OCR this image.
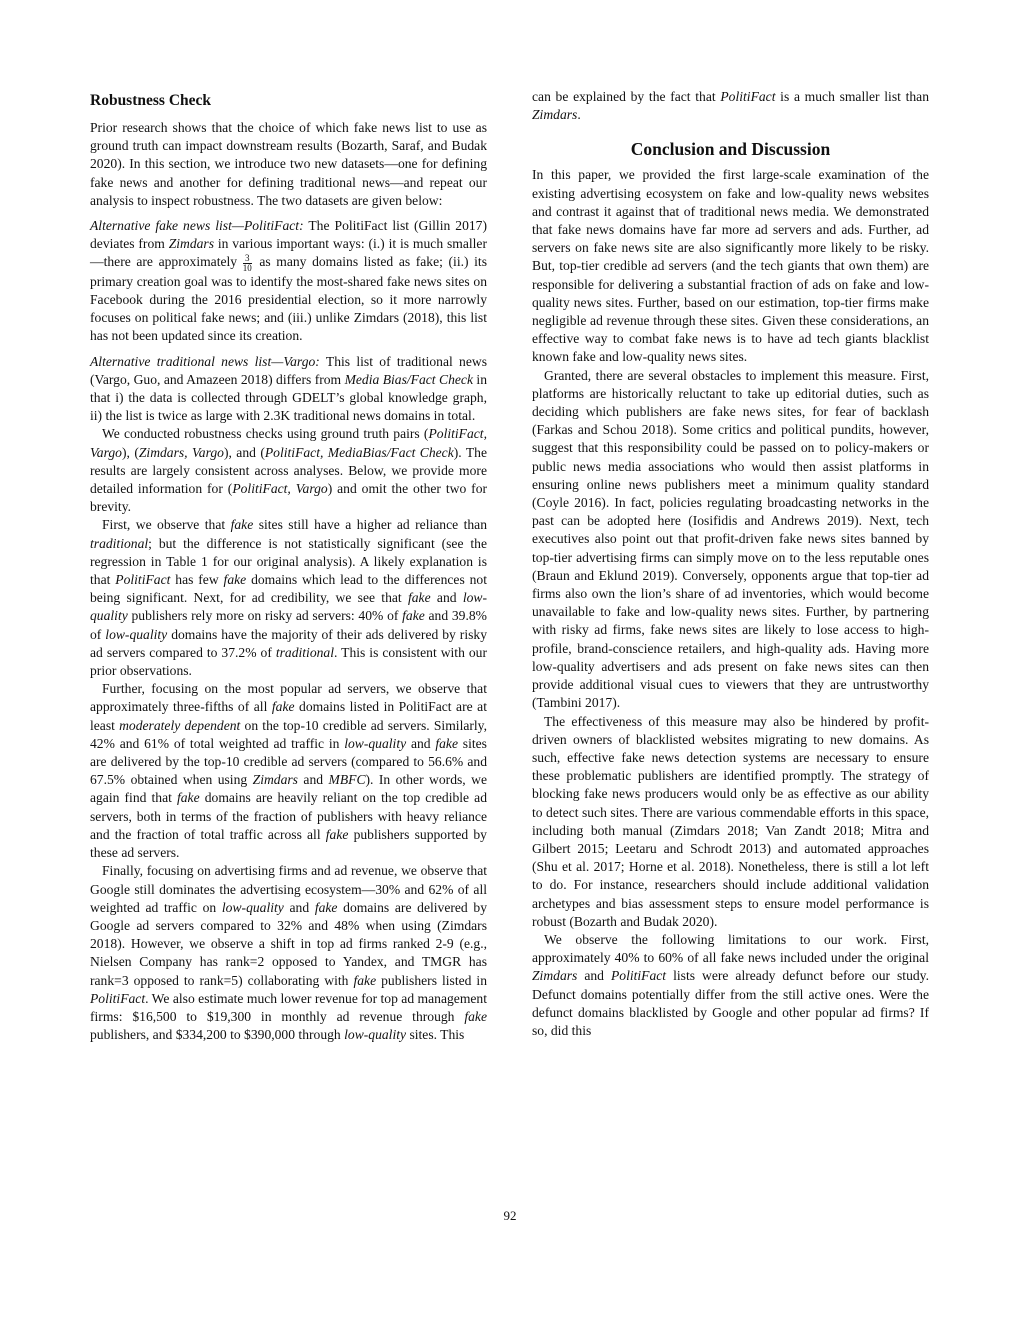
Robustness Check

Prior research shows that the choice of which fake news list to use as ground truth can impact downstream results (Bozarth, Saraf, and Budak 2020). In this section, we introduce two new datasets—one for defining fake news and another for defining traditional news—and repeat our analysis to inspect robustness. The two datasets are given below:

Alternative fake news list—PolitiFact: The PolitiFact list (Gillin 2017) deviates from Zimdars in various important ways: (i.) it is much smaller—there are approximately $\frac{3}{10}$ as many domains listed as fake; (ii.) its primary creation goal was to identify the most-shared fake news sites on Facebook during the 2016 presidential election, so it more narrowly focuses on political fake news; and (iii.) unlike Zimdars (2018), this list has not been updated since its creation.

Alternative traditional news list—Vargo: This list of traditional news (Vargo, Guo, and Amazeen 2018) differs from Media Bias/Fact Check in that i) the data is collected through GDELT’s global knowledge graph, ii) the list is twice as large with 2.3K traditional news domains in total.

We conducted robustness checks using ground truth pairs (PolitiFact, Vargo), (Zimdars, Vargo), and (PolitiFact, MediaBias/Fact Check). The results are largely consistent across analyses. Below, we provide more detailed information for (PolitiFact, Vargo) and omit the other two for brevity.

First, we observe that fake sites still have a higher ad reliance than traditional; but the difference is not statistically significant (see the regression in Table 1 for our original analysis). A likely explanation is that PolitiFact has few fake domains which lead to the differences not being significant. Next, for ad credibility, we see that fake and low-quality publishers rely more on risky ad servers: 40% of fake and 39.8% of low-quality domains have the majority of their ads delivered by risky ad servers compared to 37.2% of traditional. This is consistent with our prior observations.

Further, focusing on the most popular ad servers, we observe that approximately three-fifths of all fake domains listed in PolitiFact are at least moderately dependent on the top-10 credible ad servers. Similarly, 42% and 61% of total weighted ad traffic in low-quality and fake sites are delivered by the top-10 credible ad servers (compared to 56.6% and 67.5% obtained when using Zimdars and MBFC). In other words, we again find that fake domains are heavily reliant on the top credible ad servers, both in terms of the fraction of publishers with heavy reliance and the fraction of total traffic across all fake publishers supported by these ad servers.

Finally, focusing on advertising firms and ad revenue, we observe that Google still dominates the advertising ecosystem—30% and 62% of all weighted ad traffic on low-quality and fake domains are delivered by Google ad servers compared to 32% and 48% when using (Zimdars 2018). However, we observe a shift in top ad firms ranked 2-9 (e.g., Nielsen Company has rank=2 opposed to Yandex, and TMGR has rank=3 opposed to rank=5) collaborating with fake publishers listed in PolitiFact. We also estimate much lower revenue for top ad management firms: $16,500 to $19,300 in monthly ad revenue through fake publishers, and $334,200 to $390,000 through low-quality sites. This

can be explained by the fact that PolitiFact is a much smaller list than Zimdars.

Conclusion and Discussion

In this paper, we provided the first large-scale examination of the existing advertising ecosystem on fake and low-quality news websites and contrast it against that of traditional news media. We demonstrated that fake news domains have far more ad servers and ads. Further, ad servers on fake news site are also significantly more likely to be risky. But, top-tier credible ad servers (and the tech giants that own them) are responsible for delivering a substantial fraction of ads on fake and low-quality news sites. Further, based on our estimation, top-tier firms make negligible ad revenue through these sites. Given these considerations, an effective way to combat fake news is to have ad tech giants blacklist known fake and low-quality news sites.

Granted, there are several obstacles to implement this measure. First, platforms are historically reluctant to take up editorial duties, such as deciding which publishers are fake news sites, for fear of backlash (Farkas and Schou 2018). Some critics and political pundits, however, suggest that this responsibility could be passed on to policy-makers or public news media associations who would then assist platforms in ensuring online news publishers meet a minimum quality standard (Coyle 2016). In fact, policies regulating broadcasting networks in the past can be adopted here (Iosifidis and Andrews 2019). Next, tech executives also point out that profit-driven fake news sites banned by top-tier advertising firms can simply move on to the less reputable ones (Braun and Eklund 2019). Conversely, opponents argue that top-tier ad firms also own the lion’s share of ad inventories, which would become unavailable to fake and low-quality news sites. Further, by partnering with risky ad firms, fake news sites are likely to lose access to high-profile, brand-conscience retailers, and high-quality ads. Having more low-quality advertisers and ads present on fake news sites can then provide additional visual cues to viewers that they are untrustworthy (Tambini 2017).

The effectiveness of this measure may also be hindered by profit-driven owners of blacklisted websites migrating to new domains. As such, effective fake news detection systems are necessary to ensure these problematic publishers are identified promptly. The strategy of blocking fake news producers would only be as effective as our ability to detect such sites. There are various commendable efforts in this space, including both manual (Zimdars 2018; Van Zandt 2018; Mitra and Gilbert 2015; Leetaru and Schrodt 2013) and automated approaches (Shu et al. 2017; Horne et al. 2018). Nonetheless, there is still a lot left to do. For instance, researchers should include additional validation archetypes and bias assessment steps to ensure model performance is robust (Bozarth and Budak 2020).

We observe the following limitations to our work. First, approximately 40% to 60% of all fake news included under the original Zimdars and PolitiFact lists were already defunct before our study. Defunct domains potentially differ from the still active ones. Were the defunct domains blacklisted by Google and other popular ad firms? If so, did this

92
